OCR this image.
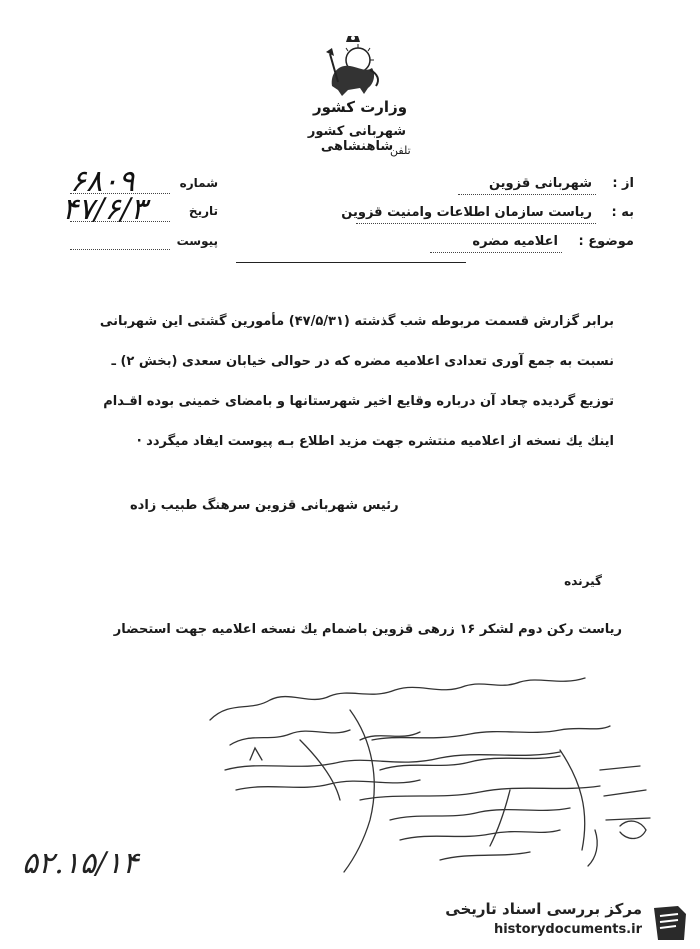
وزارت كشور
شهربانی كشور شاهنشاهی
تلفن
شماره
تاريخ
پیوست
۶۸۰۹
۴۷/۶/۳
از :
به :
موضوع :
شهربانی قزوین
رياست سازمان اطلاعات وامنيت قزوين
اعلاميه مضره
برابر گزارش قسمت مربوطه شب گذشته (۴۷/۵/۳۱) مأمورين گشتی اين شهربانی
نسبت به جمع آوری تعدادی اعلاميه مضره كه در حوالی خيابان سعدی (بخش ۲) ـ
توزيع گرديده چعاد آن درباره وقايع اخير شهرستانها و بامضای خمينی بوده اقـدام
اينك يك نسخه از اعلاميه منتشره جهت مزيد اطلاع بـه پيوست ايفاد ميگردد ·
رئيس شهربانی قزوين سرهنگ طبيب زاده
گيرنده
رياست ركن دوم لشكر ۱۶ زرهی قزوين باضمام يك نسخه اعلاميه جهت استحضار
۵۲.۱۵/۱۴
مركز بررسی اسناد تاريخی
historydocuments.ir
